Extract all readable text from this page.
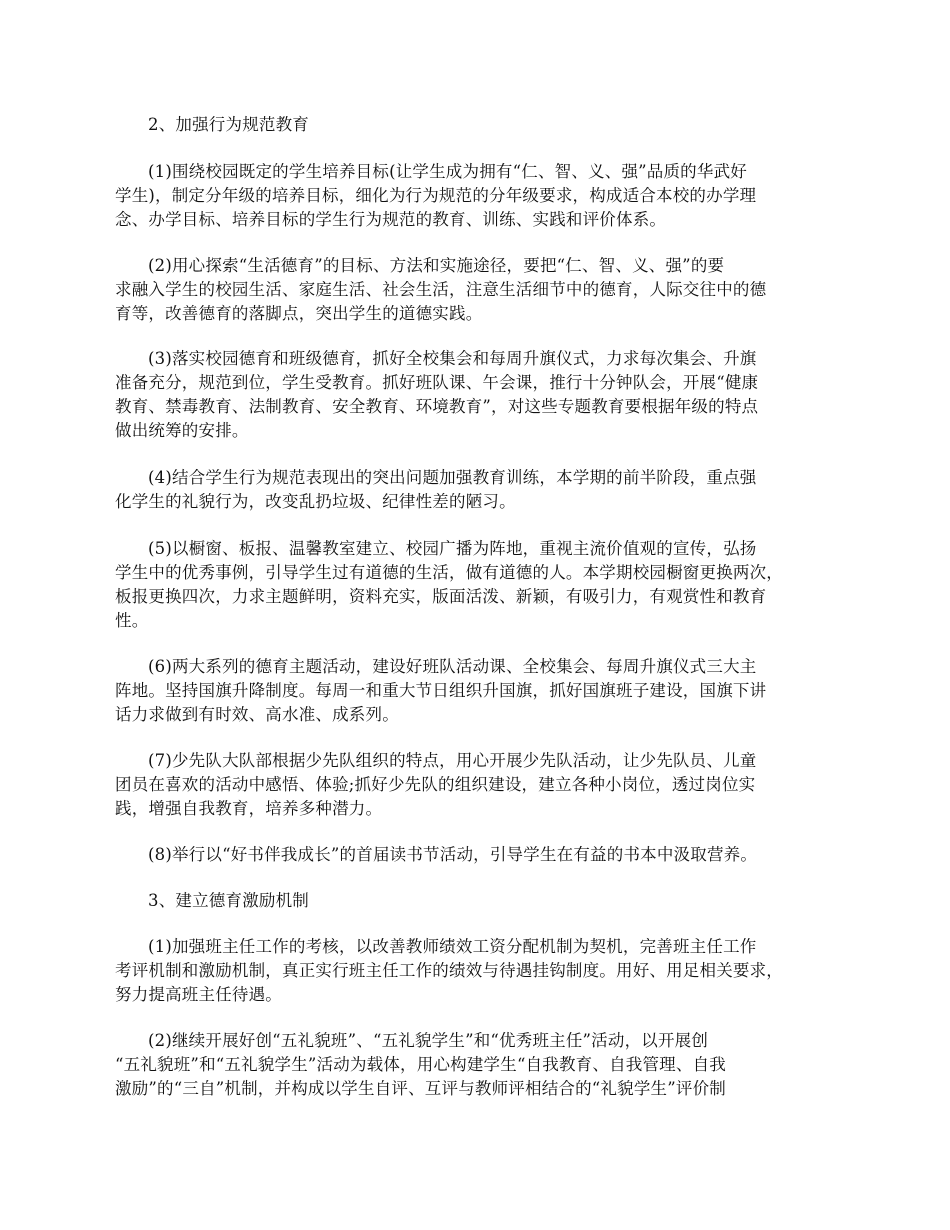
2、加强行为规范教育
(1)围绕校园既定的学生培养目标(让学生成为拥有“仁、智、义、强”品质的华武好
学生)，制定分年级的培养目标，细化为行为规范的分年级要求，构成适合本校的办学理
念、办学目标、培养目标的学生行为规范的教育、训练、实践和评价体系。
(2)用心探索“生活德育”的目标、方法和实施途径，要把“仁、智、义、强”的要
求融入学生的校园生活、家庭生活、社会生活，注意生活细节中的德育，人际交往中的德
育等，改善德育的落脚点，突出学生的道德实践。
(3)落实校园德育和班级德育，抓好全校集会和每周升旗仪式，力求每次集会、升旗
准备充分，规范到位，学生受教育。抓好班队课、午会课，推行十分钟队会，开展“健康
教育、禁毒教育、法制教育、安全教育、环境教育”，对这些专题教育要根据年级的特点
做出统筹的安排。
(4)结合学生行为规范表现出的突出问题加强教育训练，本学期的前半阶段，重点强
化学生的礼貌行为，改变乱扔垃圾、纪律性差的陋习。
(5)以橱窗、板报、温馨教室建立、校园广播为阵地，重视主流价值观的宣传，弘扬
学生中的优秀事例，引导学生过有道德的生活，做有道德的人。本学期校园橱窗更换两次，
板报更换四次，力求主题鲜明，资料充实，版面活泼、新颖，有吸引力，有观赏性和教育
性。
(6)两大系列的德育主题活动，建设好班队活动课、全校集会、每周升旗仪式三大主
阵地。坚持国旗升降制度。每周一和重大节日组织升国旗，抓好国旗班子建设，国旗下讲
话力求做到有时效、高水准、成系列。
(7)少先队大队部根据少先队组织的特点，用心开展少先队活动，让少先队员、儿童
团员在喜欢的活动中感悟、体验;抓好少先队的组织建设，建立各种小岗位，透过岗位实
践，增强自我教育，培养多种潜力。
(8)举行以“好书伴我成长”的首届读书节活动，引导学生在有益的书本中汲取营养。
3、建立德育激励机制
(1)加强班主任工作的考核，以改善教师绩效工资分配机制为契机，完善班主任工作
考评机制和激励机制，真正实行班主任工作的绩效与待遇挂钩制度。用好、用足相关要求，
努力提高班主任待遇。
(2)继续开展好创“五礼貌班”、“五礼貌学生”和“优秀班主任”活动，以开展创
“五礼貌班”和“五礼貌学生”活动为载体，用心构建学生“自我教育、自我管理、自我
激励”的“三自”机制，并构成以学生自评、互评与教师评相结合的“礼貌学生”评价制
